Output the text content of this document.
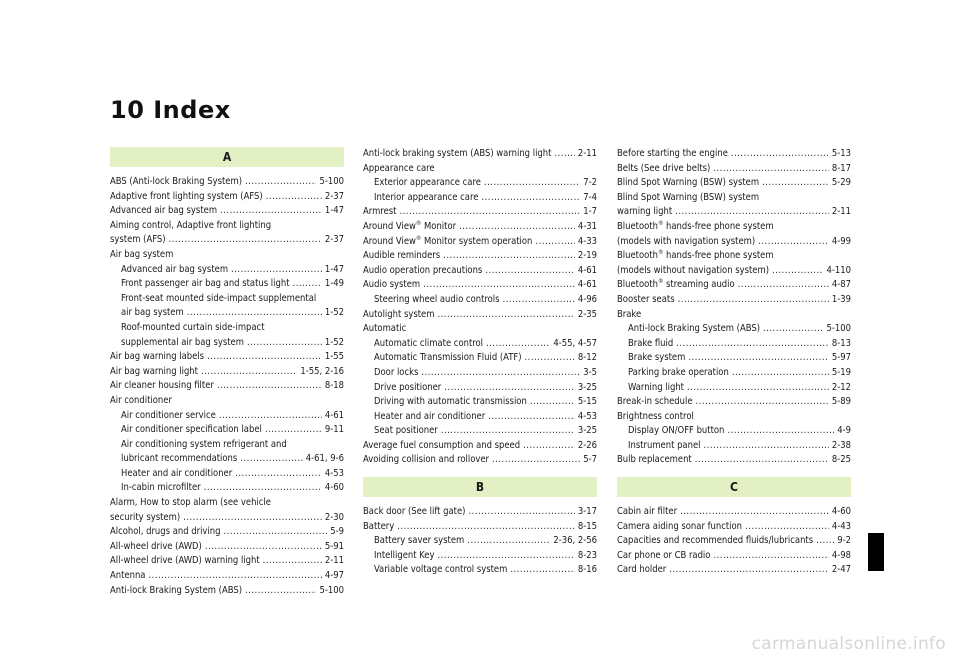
10 Index
A
ABS (Anti-lock Braking System) .....	5-100
Adaptive front lighting system (AFS) .....	2-37
Advanced air bag system .....	1-47
Aiming control, Adaptive front lighting
system (AFS) .....	2-37
Air bag system
Advanced air bag system .....	1-47
Front passenger air bag and status light .....	1-49
Front-seat mounted side-impact supplemental
air bag system .....	1-52
Roof-mounted curtain side-impact
supplemental air bag system .....	1-52
Air bag warning labels .....	1-55
Air bag warning light .....	1-55, 2-16
Air cleaner housing filter .....	8-18
Air conditioner
Air conditioner service .....	4-61
Air conditioner specification label .....	9-11
Air conditioning system refrigerant and
lubricant recommendations .....	4-61, 9-6
Heater and air conditioner .....	4-53
In-cabin microfilter .....	4-60
Alarm, How to stop alarm (see vehicle
security system) .....	2-30
Alcohol, drugs and driving .....	5-9
All-wheel drive (AWD) .....	5-91
All-wheel drive (AWD) warning light .....	2-11
Antenna .....	4-97
Anti-lock Braking System (ABS) .....	5-100
Anti-lock braking system (ABS) warning light .....	2-11
Appearance care
Exterior appearance care .....	7-2
Interior appearance care .....	7-4
Armrest .....	1-7
Around View® Monitor .....	4-31
Around View® Monitor system operation .....	4-33
Audible reminders .....	2-19
Audio operation precautions .....	4-61
Audio system .....	4-61
Steering wheel audio controls .....	4-96
Autolight system .....	2-35
Automatic
Automatic climate control .....	4-55, 4-57
Automatic Transmission Fluid (ATF) .....	8-12
Door locks .....	3-5
Drive positioner .....	3-25
Driving with automatic transmission .....	5-15
Heater and air conditioner .....	4-53
Seat positioner .....	3-25
Average fuel consumption and speed .....	2-26
Avoiding collision and rollover .....	5-7
B
Back door (See lift gate) .....	3-17
Battery .....	8-15
Battery saver system .....	2-36, 2-56
Intelligent Key .....	8-23
Variable voltage control system .....	8-16
Before starting the engine .....	5-13
Belts (See drive belts) .....	8-17
Blind Spot Warning (BSW) system .....	5-29
Blind Spot Warning (BSW) system
warning light .....	2-11
Bluetooth® hands-free phone system
(models with navigation system) .....	4-99
Bluetooth® hands-free phone system
(models without navigation system) .....	4-110
Bluetooth® streaming audio .....	4-87
Booster seats .....	1-39
Brake
Anti-lock Braking System (ABS) .....	5-100
Brake fluid .....	8-13
Brake system .....	5-97
Parking brake operation .....	5-19
Warning light .....	2-12
Break-in schedule .....	5-89
Brightness control
Display ON/OFF button .....	4-9
Instrument panel .....	2-38
Bulb replacement .....	8-25
C
Cabin air filter .....	4-60
Camera aiding sonar function .....	4-43
Capacities and recommended fluids/lubricants .....	9-2
Car phone or CB radio .....	4-98
Card holder .....	2-47
carmanualsonline.info
